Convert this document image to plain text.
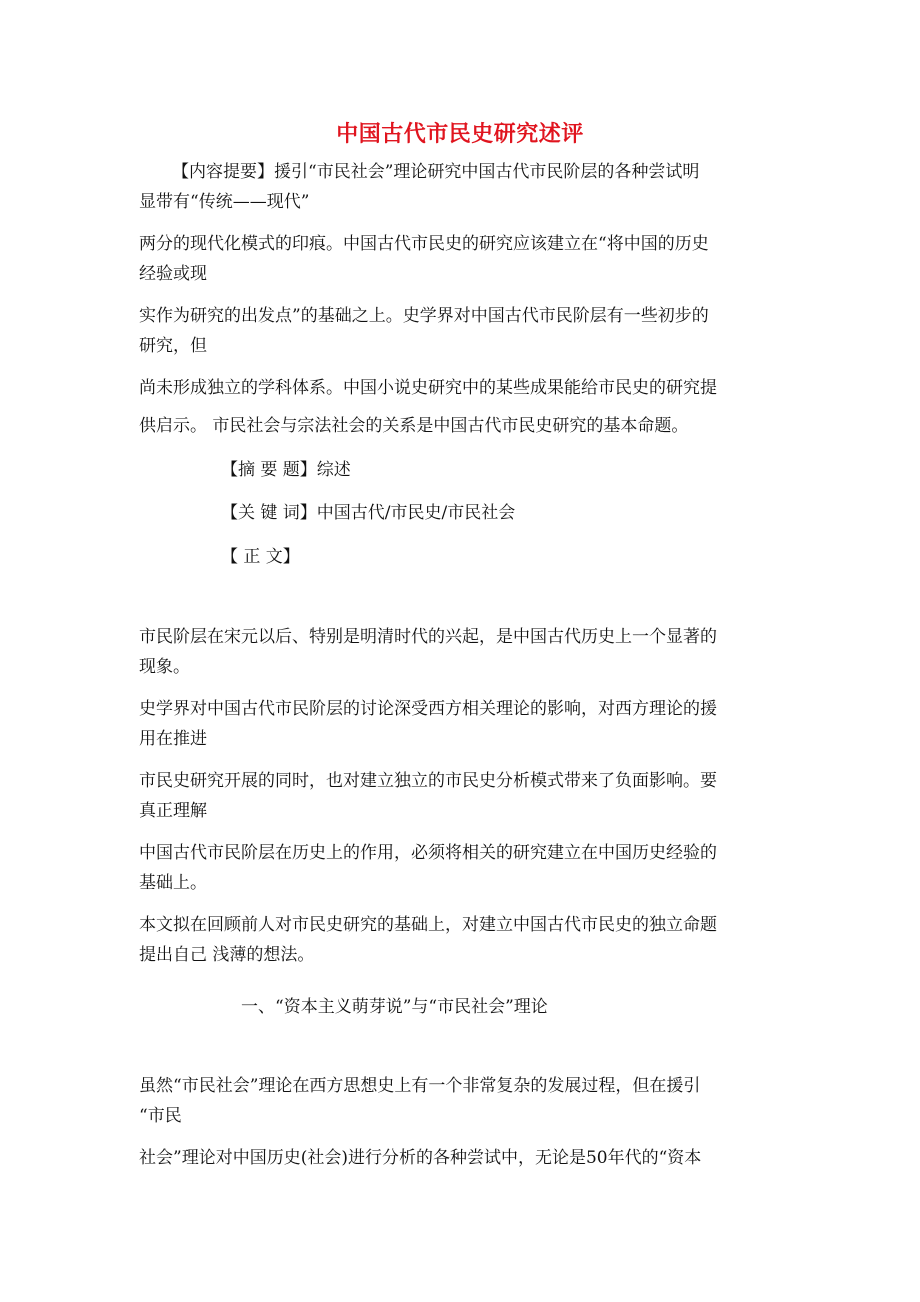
中国古代市民史研究述评
【内容提要】援引“市民社会”理论研究中国古代市民阶层的各种尝试明
显带有“传统——现代”
两分的现代化模式的印痕。中国古代市民史的研究应该建立在“将中国的历史
经验或现
实作为研究的出发点”的基础之上。史学界对中国古代市民阶层有一些初步的
研究，但
尚未形成独立的学科体系。中国小说史研究中的某些成果能给市民史的研究提
供启示。 市民社会与宗法社会的关系是中国古代市民史研究的基本命题。
【摘 要 题】综述
【关 键 词】中国古代/市民史/市民社会
【 正 文】
市民阶层在宋元以后、特别是明清时代的兴起，是中国古代历史上一个显著的
现象。
史学界对中国古代市民阶层的讨论深受西方相关理论的影响，对西方理论的援
用在推进
市民史研究开展的同时，也对建立独立的市民史分析模式带来了负面影响。要
真正理解
中国古代市民阶层在历史上的作用，必须将相关的研究建立在中国历史经验的
基础上。
本文拟在回顾前人对市民史研究的基础上，对建立中国古代市民史的独立命题
提出自己 浅薄的想法。
一、“资本主义萌芽说”与“市民社会”理论
虽然“市民社会”理论在西方思想史上有一个非常复杂的发展过程，但在援引
“市民
社会”理论对中国历史(社会)进行分析的各种尝试中，无论是50年代的“资本
